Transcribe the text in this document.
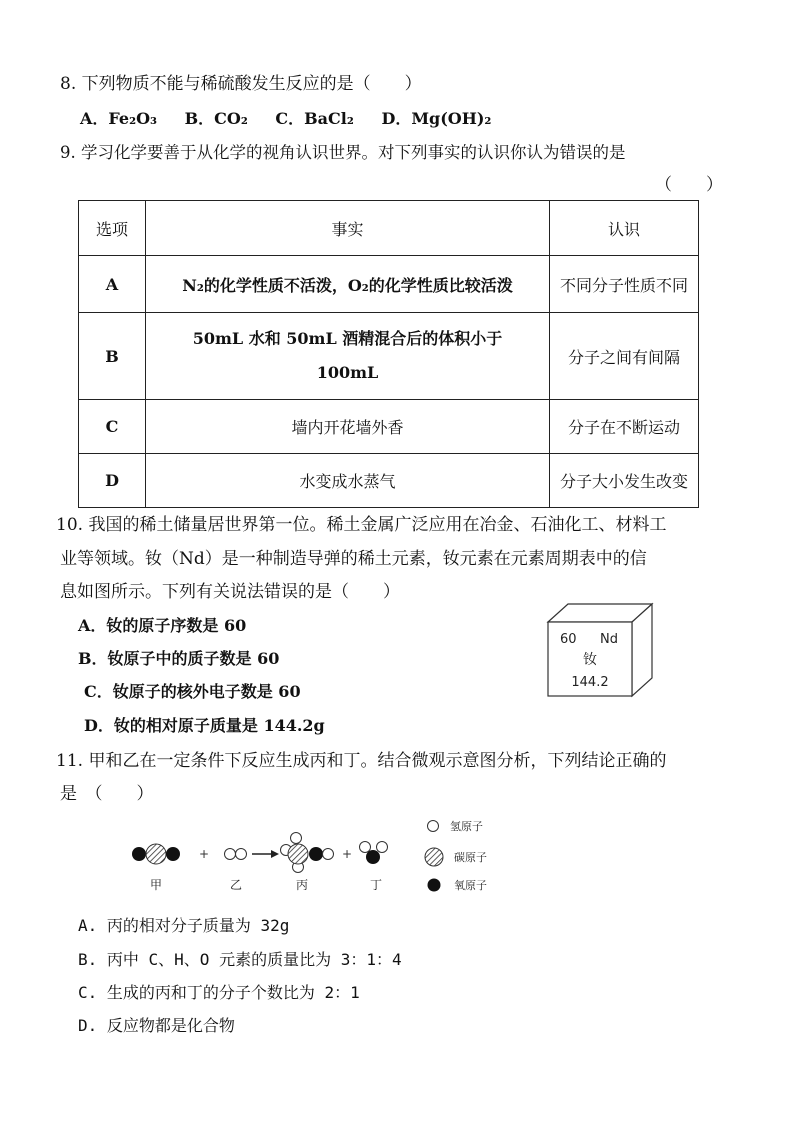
8. 下列物质不能与稀硫酸发生反应的是（　　）
A．Fe₂O₃ B．CO₂ C．BaCl₂ D．Mg(OH)₂
9. 学习化学要善于从化学的视角认识世界。对下列事实的认识你认为错误的是
（　　）
选项	事实	认识
A	N₂的化学性质不活泼，O₂的化学性质比较活泼	不同分子性质不同
B	50mL 水和 50mL 酒精混合后的体积小于
100mL	分子之间有间隔
C	墙内开花墙外香	分子在不断运动
D	水变成水蒸气	分子大小发生改变
10. 我国的稀土储量居世界第一位。稀土金属广泛应用在冶金、石油化工、材料工
业等领域。钕（Nd）是一种制造导弹的稀土元素，钕元素在元素周期表中的信
息如图所示。下列有关说法错误的是（　　）
A．钕的原子序数是 60
B．钕原子中的质子数是 60
C．钕原子的核外电子数是 60
D．钕的相对原子质量是 144.2g
60 Nd
钕
144.2
11. 甲和乙在一定条件下反应生成丙和丁。结合微观示意图分析，下列结论正确的
是　（　　）
+	+
甲	乙	丙	丁
氢原子
碳原子
氧原子
A. 丙的相对分子质量为 32g
B. 丙中 C、H、O 元素的质量比为 3：1：4
C. 生成的丙和丁的分子个数比为 2：1
D. 反应物都是化合物
